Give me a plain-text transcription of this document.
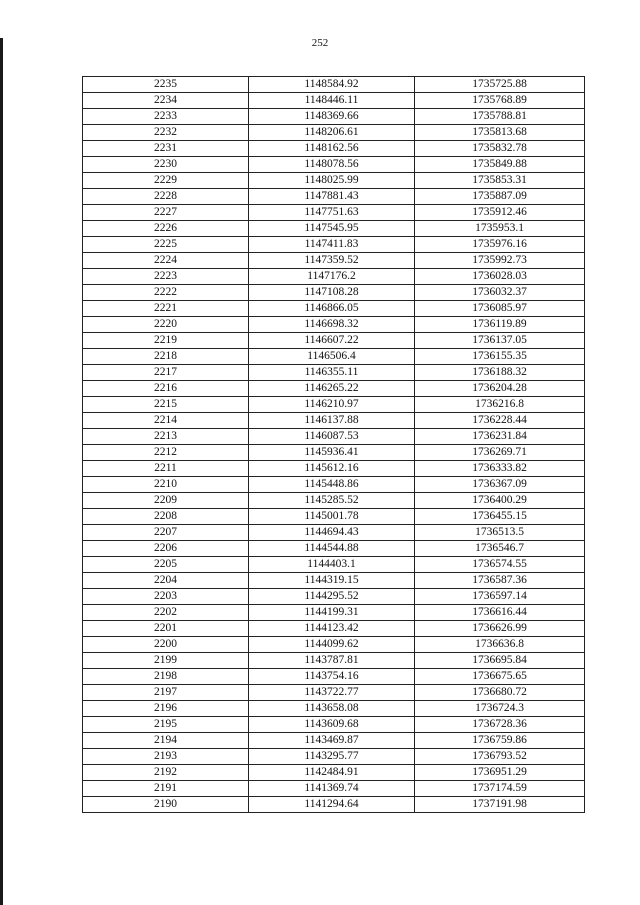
252
2235	1148584.92	1735725.88
2234	1148446.11	1735768.89
2233	1148369.66	1735788.81
2232	1148206.61	1735813.68
2231	1148162.56	1735832.78
2230	1148078.56	1735849.88
2229	1148025.99	1735853.31
2228	1147881.43	1735887.09
2227	1147751.63	1735912.46
2226	1147545.95	1735953.1
2225	1147411.83	1735976.16
2224	1147359.52	1735992.73
2223	1147176.2	1736028.03
2222	1147108.28	1736032.37
2221	1146866.05	1736085.97
2220	1146698.32	1736119.89
2219	1146607.22	1736137.05
2218	1146506.4	1736155.35
2217	1146355.11	1736188.32
2216	1146265.22	1736204.28
2215	1146210.97	1736216.8
2214	1146137.88	1736228.44
2213	1146087.53	1736231.84
2212	1145936.41	1736269.71
2211	1145612.16	1736333.82
2210	1145448.86	1736367.09
2209	1145285.52	1736400.29
2208	1145001.78	1736455.15
2207	1144694.43	1736513.5
2206	1144544.88	1736546.7
2205	1144403.1	1736574.55
2204	1144319.15	1736587.36
2203	1144295.52	1736597.14
2202	1144199.31	1736616.44
2201	1144123.42	1736626.99
2200	1144099.62	1736636.8
2199	1143787.81	1736695.84
2198	1143754.16	1736675.65
2197	1143722.77	1736680.72
2196	1143658.08	1736724.3
2195	1143609.68	1736728.36
2194	1143469.87	1736759.86
2193	1143295.77	1736793.52
2192	1142484.91	1736951.29
2191	1141369.74	1737174.59
2190	1141294.64	1737191.98
